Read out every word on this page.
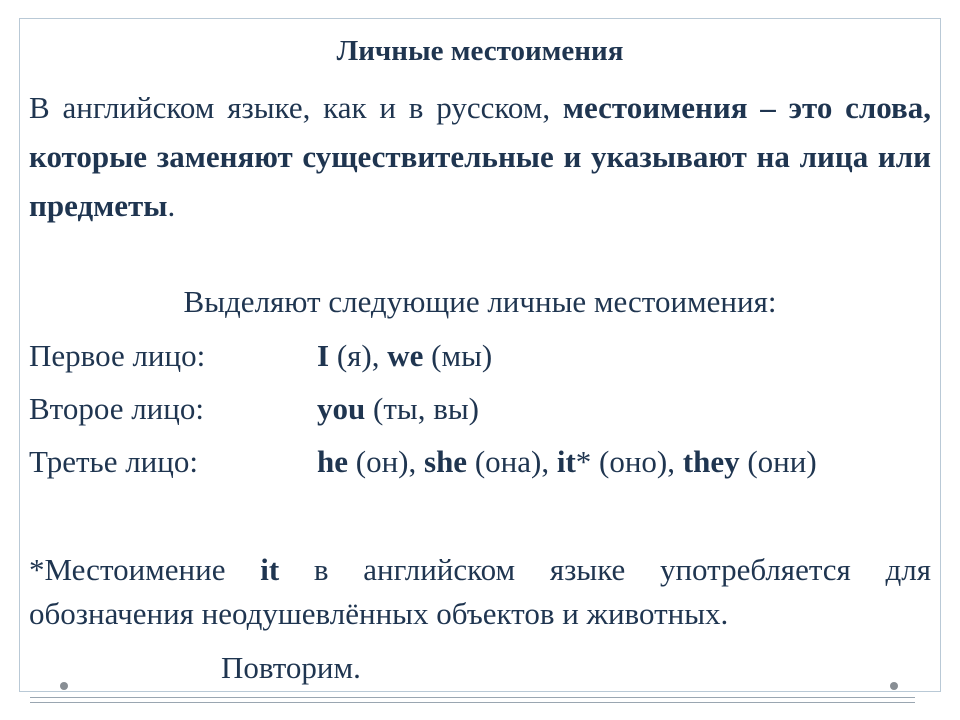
Личные местоимения
В английском языке, как и в русском, местоимения – это слова, которые заменяют существительные и указывают на лица или предметы.
Выделяют следующие личные местоимения:
Первое лицо:	I (я), we (мы)
Второе лицо:	you (ты, вы)
Третье лицо:	he (он), she (она), it* (оно), they (они)
*Местоимение it в английском языке употребляется для обозначения неодушевлённых объектов и животных.
Повторим.
